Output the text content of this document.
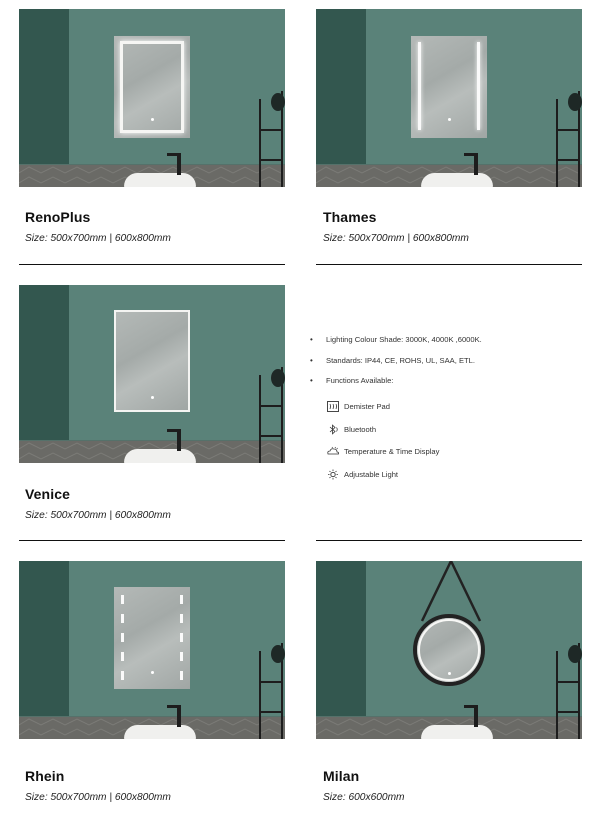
RenoPlus
Size: 500x700mm | 600x800mm
Thames
Size: 500x700mm | 600x800mm
Venice
Size: 500x700mm | 600x800mm
• Lighting Colour Shade: 3000K, 4000K ,6000K.
• Standards: IP44, CE, ROHS, UL, SAA, ETL.
• Functions Available:
Demister Pad
Bluetooth
Temperature & Time Display
Adjustable Light
Rhein
Size: 500x700mm | 600x800mm
Milan
Size: 600x600mm
